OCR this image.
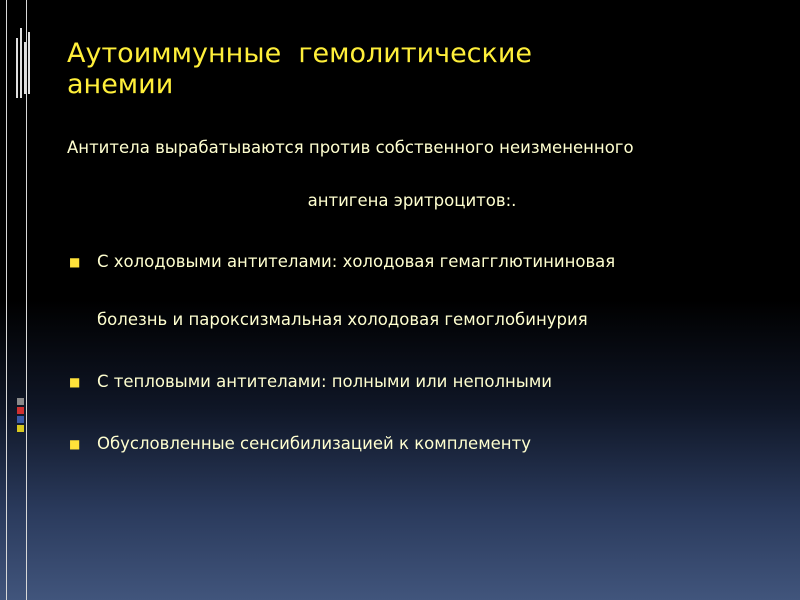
Аутоиммунные  гемолитические
анемии
Антитела вырабатываются против собственного неизмененного
антигена эритроцитов:.
■ С холодовыми антителами: холодовая гемагглютининовая
болезнь и пароксизмальная холодовая гемоглобинурия
■ С тепловыми антителами: полными или неполными
■ Обусловленные сенсибилизацией к комплементу
